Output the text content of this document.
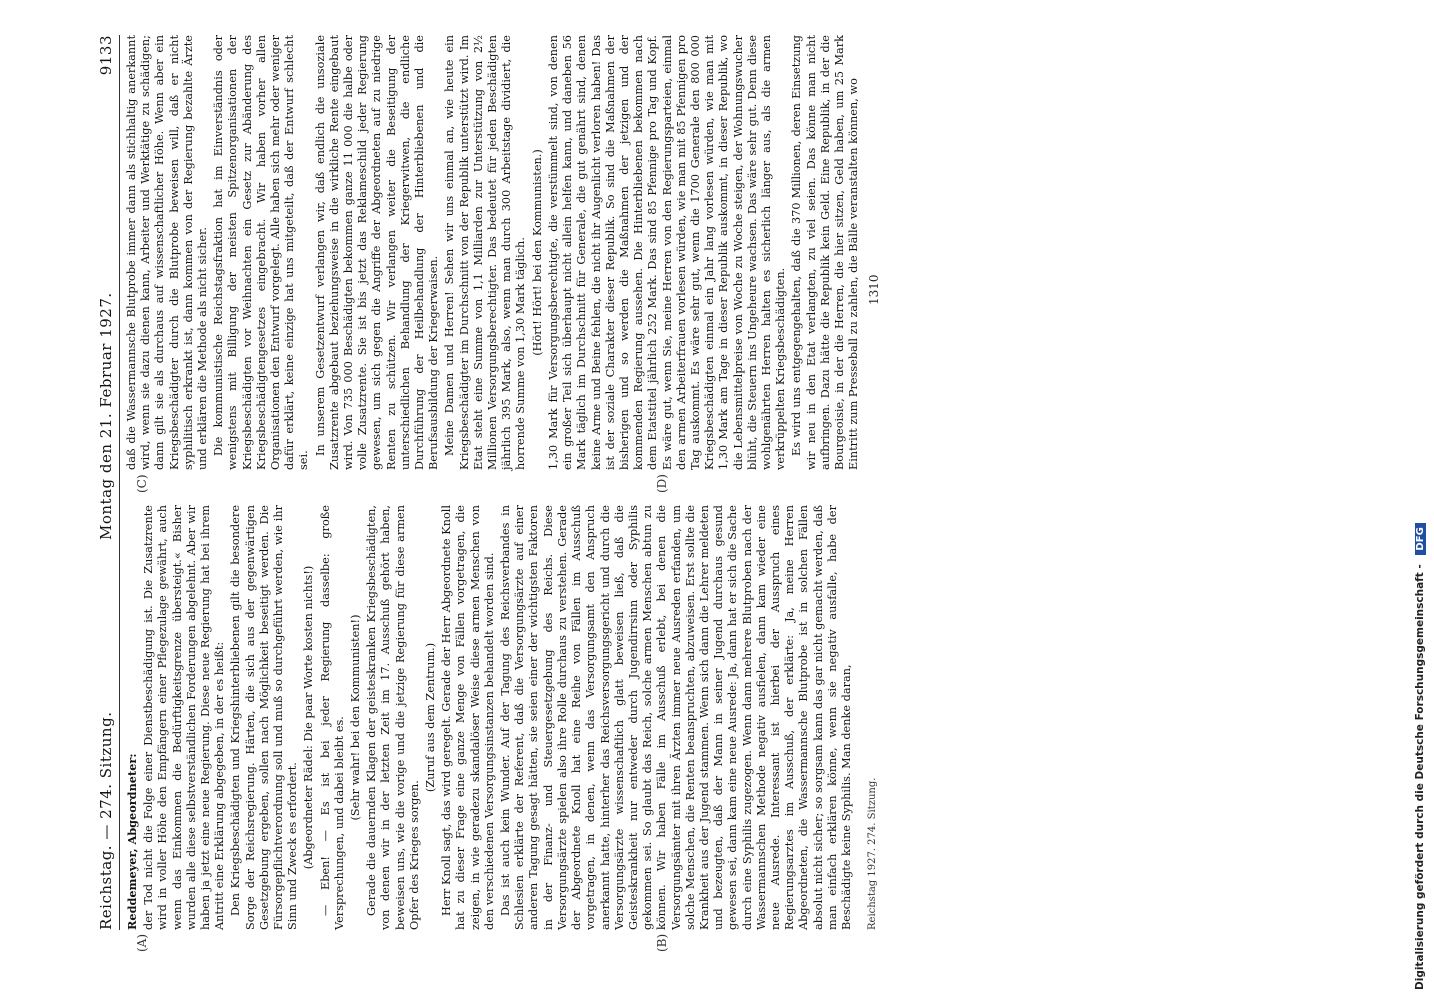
Reichstag. — 274. Sitzung.
Montag den 21. Februar 1927.
9133
(A)	(B)
(C)	(D)

Reddemeyer, Abgeordneter: der Tod nicht die Folge einer Dienstbeschädigung ist. Die Zusatzrente wird in voller Höhe den Empfängern einer Pflegezulage gewährt, auch wenn das Einkommen die Bedürftigkeitsgrenze übersteigt.« Bisher wurden alle diese selbstverständlichen Forderungen abgelehnt. Aber wir haben ja jetzt eine neue Regierung. Diese neue Regierung hat bei ihrem Antritt eine Erklärung abgegeben, in der es heißt: Den Kriegsbeschädigten und Kriegshinterbliebenen gilt die besondere Sorge der Reichsregierung. Härten, die sich aus der gegenwärtigen Gesetzgebung ergeben, sollen nach Möglichkeit beseitigt werden. Die Fürsorgepflichtverordnung soll und muß so durchgeführt werden, wie ihr Sinn und Zweck es erfordert. (Abgeordneter Rädel: Die paar Worte kosten nichts!) — Eben! — Es ist bei jeder Regierung dasselbe: große Versprechungen, und dabei bleibt es. (Sehr wahr! bei den Kommunisten!) Gerade die dauernden Klagen der geisteskranken Kriegsbeschädigten, von denen wir in der letzten Zeit im 17. Ausschuß gehört haben, beweisen uns, wie die vorige und die jetzige Regierung für diese armen Opfer des Krieges sorgen.

(Zuruf aus dem Zentrum.) Herr Knoll sagt, das wird geregelt. Gerade der Herr Abgeordnete Knoll hat zu dieser Frage eine ganze Menge von Fällen vorgetragen, die zeigen, in wie geradezu skandalöser Weise diese armen Menschen von den verschiedenen Versorgungsinstanzen behandelt worden sind. Das ist auch kein Wunder. Auf der Tagung des Reichsverbandes in Schlesien erklärte der Referent, daß die Versorgungsärzte auf einer anderen Tagung gesagt hätten, sie seien einer der wichtigsten Faktoren in der Finanz- und Steuergesetzgebung des Reichs. Diese Versorgungsärzte spielen also ihre Rolle durchaus zu verstehen. Gerade der Abgeordnete Knoll hat eine Reihe von Fällen im Ausschuß vorgetragen, in denen, wenn das Versorgungsamt den Anspruch anerkannt hatte, hinterher das Reichsversorgungsgericht und durch die Versorgungsärzte wissenschaftlich glatt beweisen ließ, daß die Geisteskrankheit nur entweder durch Jugendirrsinn oder Syphilis gekommen sei. So glaubt das Reich, solche armen Menschen abtun zu können. Wir haben Fälle im Ausschuß erlebt, bei denen die Versorgungsämter mit ihren Ärzten immer neue Ausreden erfanden, um solche Menschen, die Renten beanspruchten, abzuweisen. Erst sollte die Krankheit aus der Jugend stammen. Wenn sich dann die Lehrer meldeten und bezeugten, daß der Mann in seiner Jugend durchaus gesund gewesen sei, dann kam eine neue Ausrede: Ja, dann hat er sich die Sache durch eine Syphilis zugezogen. Wenn dann mehrere Blutproben nach der Wassermannschen Methode negativ ausfielen, dann kam wieder eine neue Ausrede. Interessant ist hierbei der Ausspruch eines Regierungsarztes im Ausschuß, der erklärte: Ja, meine Herren Abgeordneten, die Wassermannsche Blutprobe ist in solchen Fällen absolut nicht sicher; so sorgsam kann das gar nicht gemacht werden, daß man einfach erklären könne, wenn sie negativ ausfalle, habe der Beschädigte keine Syphilis. Man denke daran,

daß die Wassermannsche Blutprobe immer dann als stichhaltig anerkannt wird, wenn sie dazu dienen kann, Arbeiter und Werktätige zu schädigen; dann gilt sie als durchaus auf wissenschaftlicher Höhe. Wenn aber ein Kriegsbeschädigter durch die Blutprobe beweisen will, daß er nicht syphilitisch erkrankt ist, dann kommen von der Regierung bezahlte Ärzte und erklären die Methode als nicht sicher. Die kommunistische Reichstagsfraktion hat im Einverständnis oder wenigstens mit Billigung der meisten Spitzenorganisationen der Kriegsbeschädigten vor Weihnachten ein Gesetz zur Abänderung des Kriegsbeschädigtengesetzes eingebracht. Wir haben vorher allen Organisationen den Entwurf vorgelegt. Alle haben sich mehr oder weniger dafür erklärt, keine einzige hat uns mitgeteilt, daß der Entwurf schlecht sei.

In unserem Gesetzentwurf verlangen wir, daß endlich die unsoziale Zusatzrente abgebaut beziehungsweise in die wirkliche Rente eingebaut wird. Von 735 000 Beschädigten bekommen ganze 11 000 die halbe oder volle Zusatzrente. Sie ist bis jetzt das Reklameschild jeder Regierung gewesen, um sich gegen die Angriffe der Abgeordneten auf zu niedrige Renten zu schützen. Wir verlangen weiter die Beseitigung der unterschiedlichen Behandlung der Kriegerwitwen, die endliche Durchführung der Heilbehandlung der Hinterbliebenen und die Berufsausbildung der Kriegerwaisen. Meine Damen und Herren! Sehen wir uns einmal an, wie heute ein Kriegsbeschädigter im Durchschnitt von der Republik unterstützt wird. Im Etat steht eine Summe von 1,1 Milliarden zur Unterstützung von 2½ Millionen Versorgungsberechtigter. Das bedeutet für jeden Beschädigten jährlich 395 Mark, also, wenn man durch 300 Arbeitstage dividiert, die horrende Summe von 1,30 Mark täglich. (Hört! Hört! bei den Kommunisten.) 1,30 Mark für Versorgungsberechtigte, die verstümmelt sind, von denen ein großer Teil sich überhaupt nicht allein helfen kann, und daneben 56 Mark täglich im Durchschnitt für Generale, die gut genährt sind, denen keine Arme und Beine fehlen, die nicht ihr Augenlicht verloren haben! Das ist der soziale Charakter dieser Republik. So sind die Maßnahmen der bisherigen und so werden die Maßnahmen der jetzigen und der kommenden Regierung aussehen. Die Hinterbliebenen bekommen nach dem Etatstitel jährlich 252 Mark. Das sind 85 Pfennige pro Tag und Kopf. Es wäre gut, wenn Sie, meine Herren von den Regierungsparteien, einmal den armen Arbeiterfrauen vorlesen würden, wie man mit 85 Pfennigen pro Tag auskommt. Es wäre sehr gut, wenn die 1700 Generale den 800 000 Kriegsbeschädigten einmal ein Jahr lang vorlesen würden, wie man mit 1,30 Mark am Tage in dieser Republik auskommt, in dieser Republik, wo die Lebensmittelpreise von Woche zu Woche steigen, der Wohnungswucher blüht, die Steuern ins Ungeheure wachsen. Das wäre sehr gut. Denn diese wohlgenährten Herren halten es sicherlich länger aus, als die armen verkrüppelten Kriegsbeschädigten. Es wird uns entgegengehalten, daß die 370 Millionen, deren Einsetzung wir neu in den Etat verlangten, zu viel seien. Das könne man nicht aufbringen. Dazu hätte die Republik kein Geld. Eine Republik, in der die Bourgeoisie, in der die Herren, die hier sitzen, Geld haben, um 25 Mark Eintritt zum Presseball zu zahlen, die Bälle veranstalten können, wo

Reichstag 1927. 274. Sitzung.
1310
Digitalisierung gefördert durch die Deutsche Forschungsgemeinschaft - DFG
